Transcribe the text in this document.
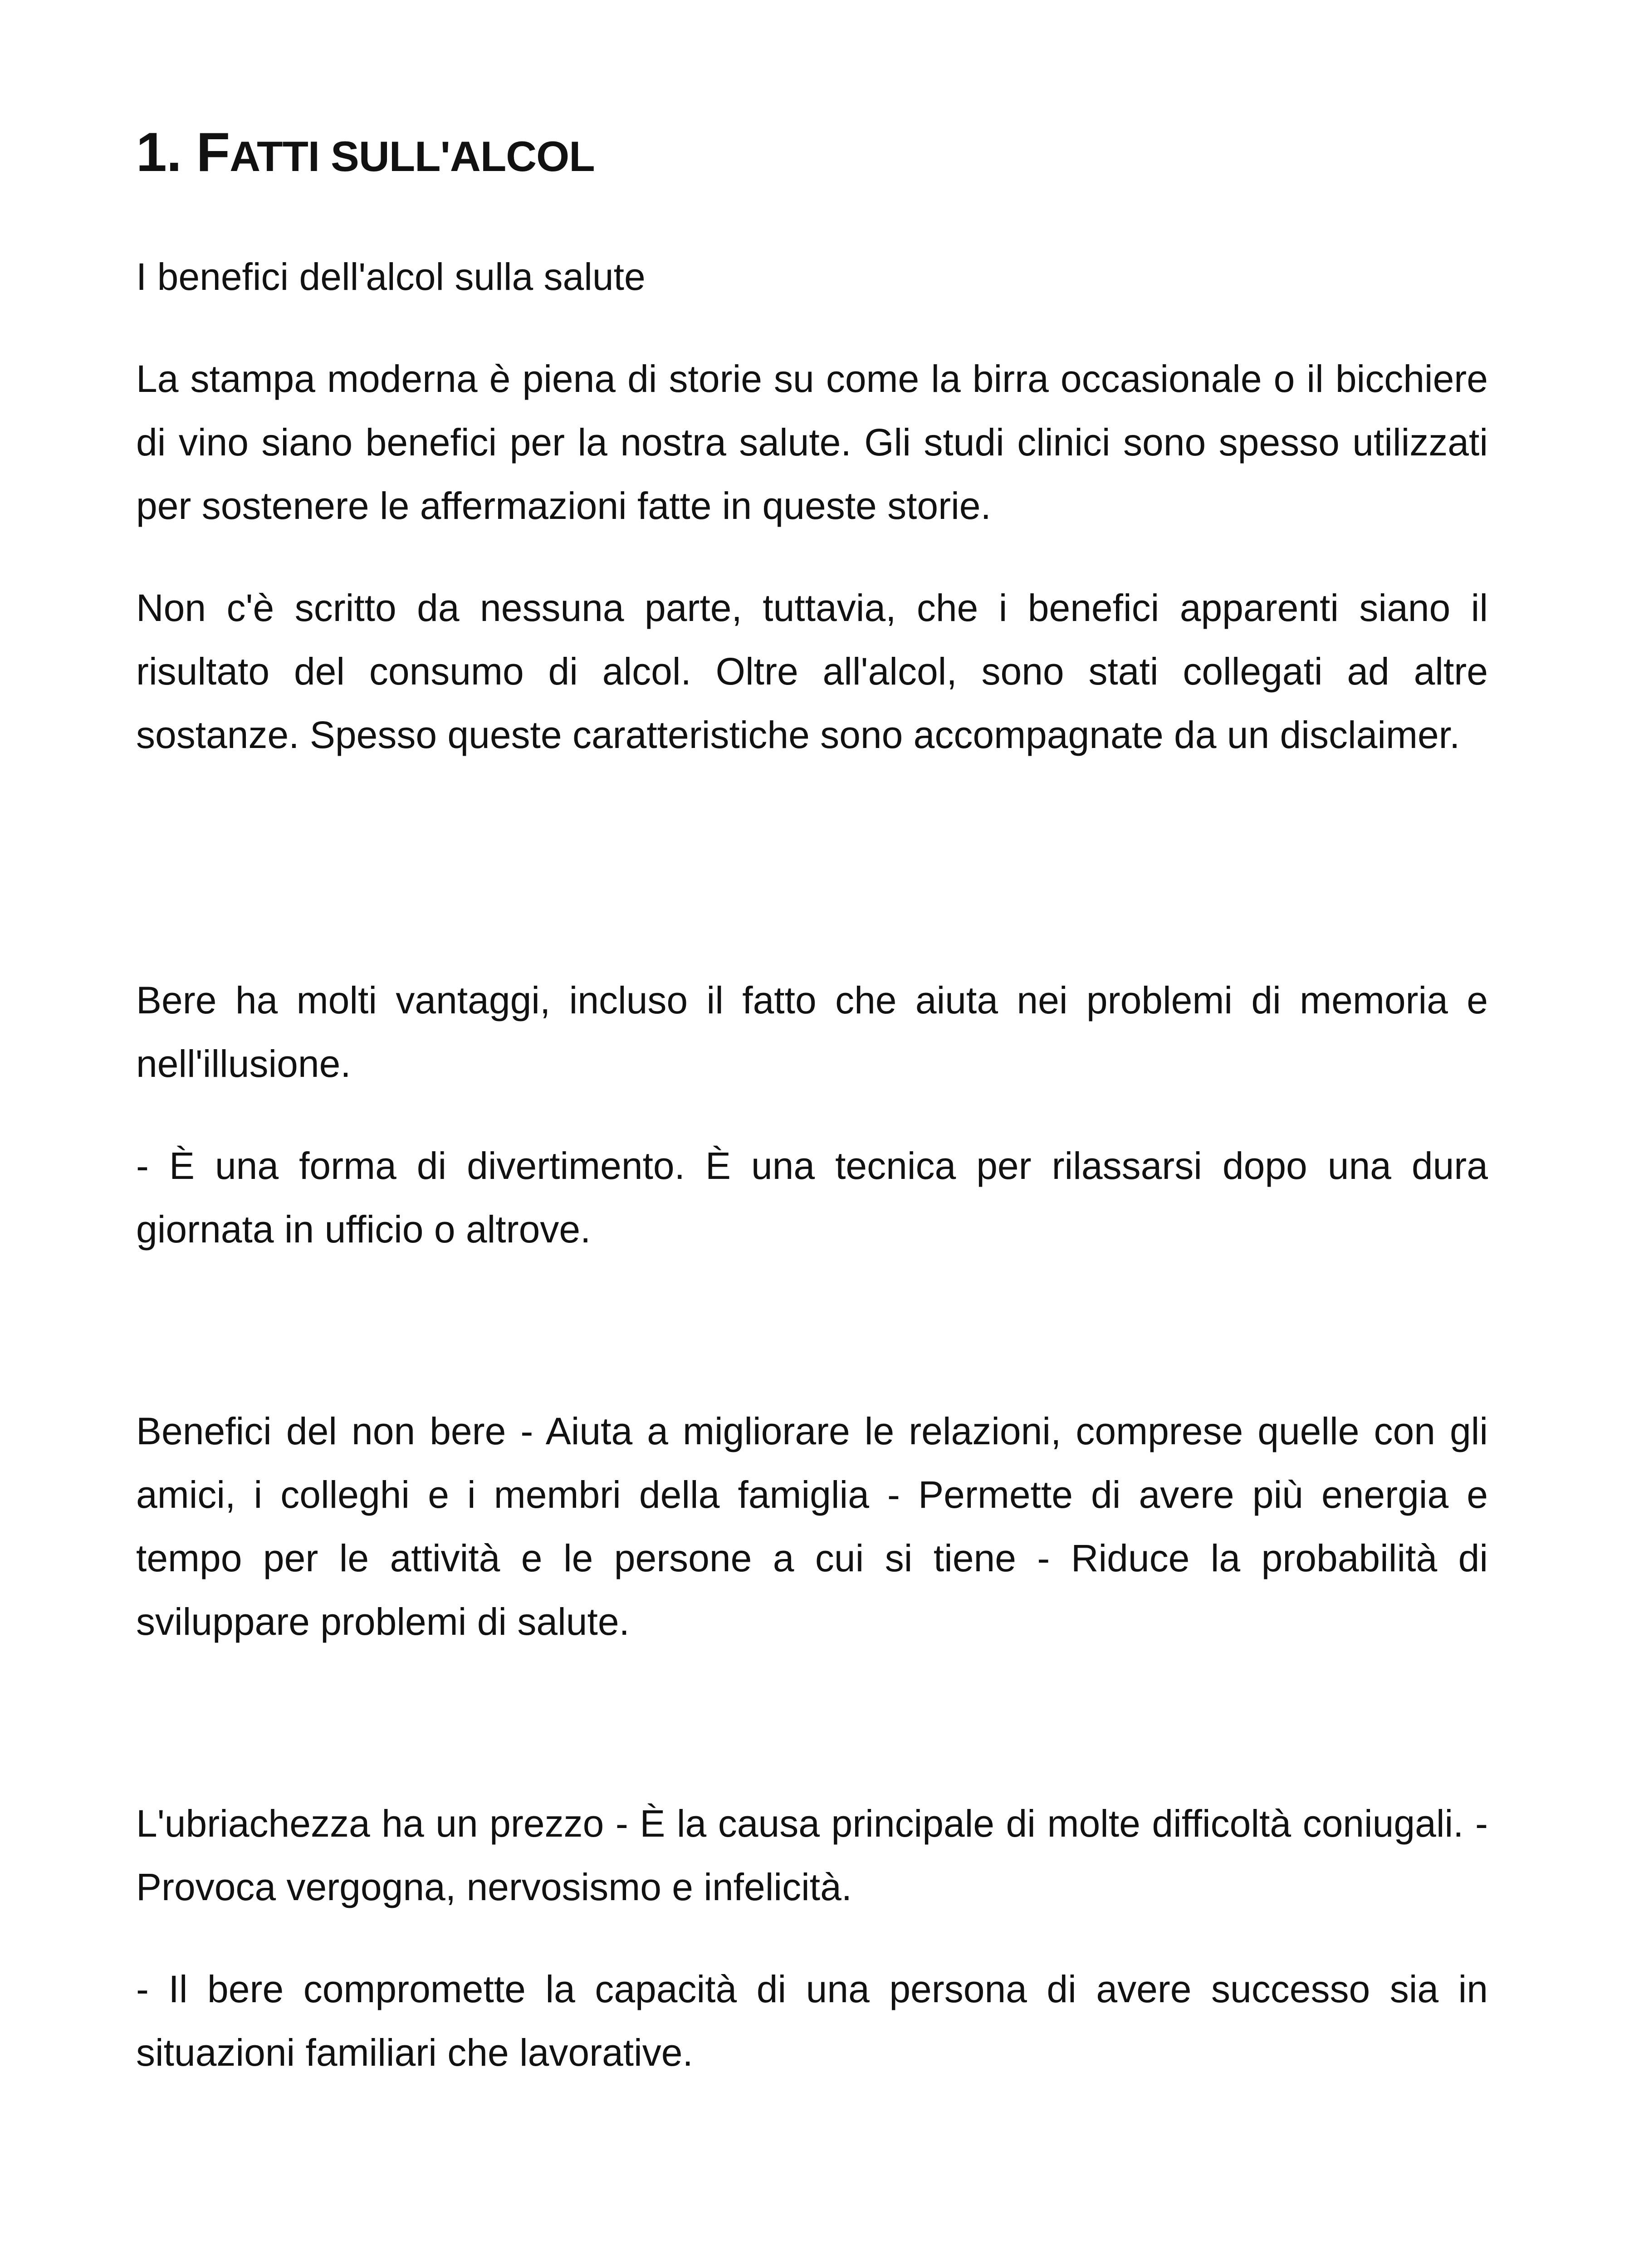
1. FATTI SULL'ALCOL

I benefici dell'alcol sulla salute

La stampa moderna è piena di storie su come la birra occasionale o il bicchiere di vino siano benefici per la nostra salute. Gli studi clinici sono spesso utilizzati per sostenere le affermazioni fatte in queste storie.

Non c'è scritto da nessuna parte, tuttavia, che i benefici apparenti siano il risultato del consumo di alcol. Oltre all'alcol, sono stati collegati ad altre sostanze. Spesso queste caratteristiche sono accompagnate da un disclaimer.

Bere ha molti vantaggi, incluso il fatto che aiuta nei problemi di memoria e nell'illusione.

- È una forma di divertimento. È una tecnica per rilassarsi dopo una dura giornata in ufficio o altrove.

Benefici del non bere - Aiuta a migliorare le relazioni, comprese quelle con gli amici, i colleghi e i membri della famiglia - Permette di avere più energia e tempo per le attività e le persone a cui si tiene - Riduce la probabilità di sviluppare problemi di salute.

L'ubriachezza ha un prezzo - È la causa principale di molte difficoltà coniugali. - Provoca vergogna, nervosismo e infelicità.

- Il bere compromette la capacità di una persona di avere successo sia in situazioni familiari che lavorative.
